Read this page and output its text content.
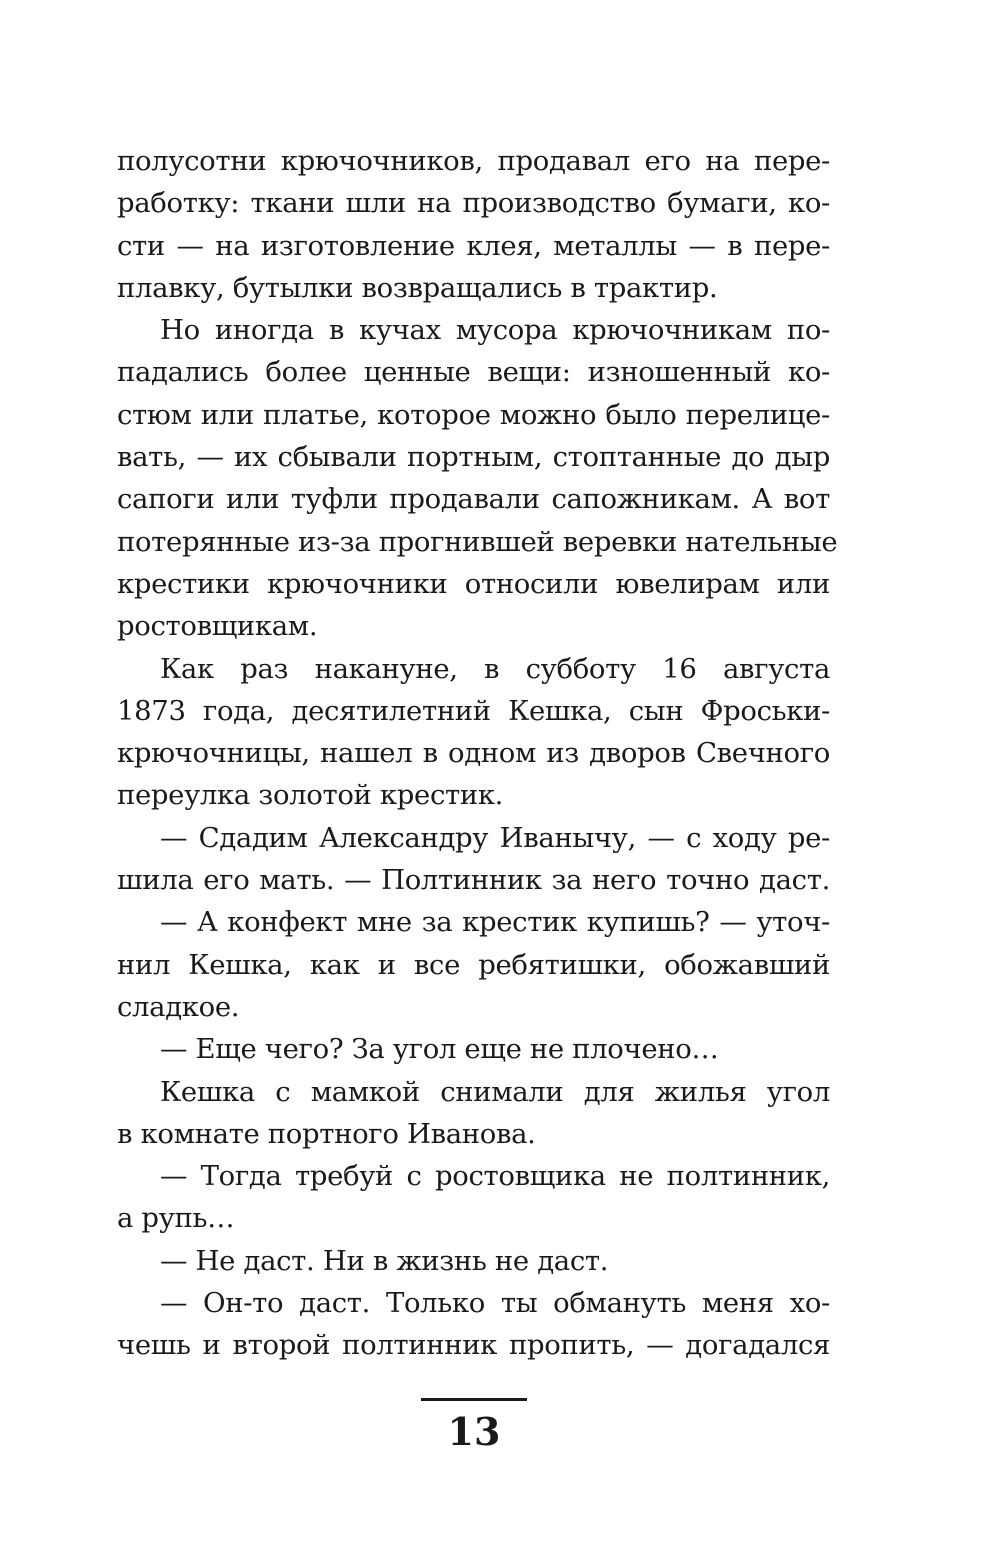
полусотни крючочников, продавал его на пере-
работку: ткани шли на производство бумаги, ко-
сти — на изготовление клея, металлы — в пере-
плавку, бутылки возвращались в трактир.
Но иногда в кучах мусора крючочникам по-
падались более ценные вещи: изношенный ко-
стюм или платье, которое можно было перелице-
вать, — их сбывали портным, стоптанные до дыр
сапоги или туфли продавали сапожникам. А вот
потерянные из-за прогнившей веревки нательные
крестики крючочники относили ювелирам или
ростовщикам.
Как раз накануне, в субботу 16 августа
1873 года, десятилетний Кешка, сын Фроськи-
крючочницы, нашел в одном из дворов Свечного
переулка золотой крестик.
— Сдадим Александру Иванычу, — с ходу ре-
шила его мать. — Полтинник за него точно даст.
— А конфект мне за крестик купишь? — уточ-
нил Кешка, как и все ребятишки, обожавший
сладкое.
— Еще чего? За угол еще не плочено…
Кешка с мамкой снимали для жилья угол
в комнате портного Иванова.
— Тогда требуй с ростовщика не полтинник,
а рупь…
— Не даст. Ни в жизнь не даст.
— Он-то даст. Только ты обмануть меня хо-
чешь и второй полтинник пропить, — догадался
13
